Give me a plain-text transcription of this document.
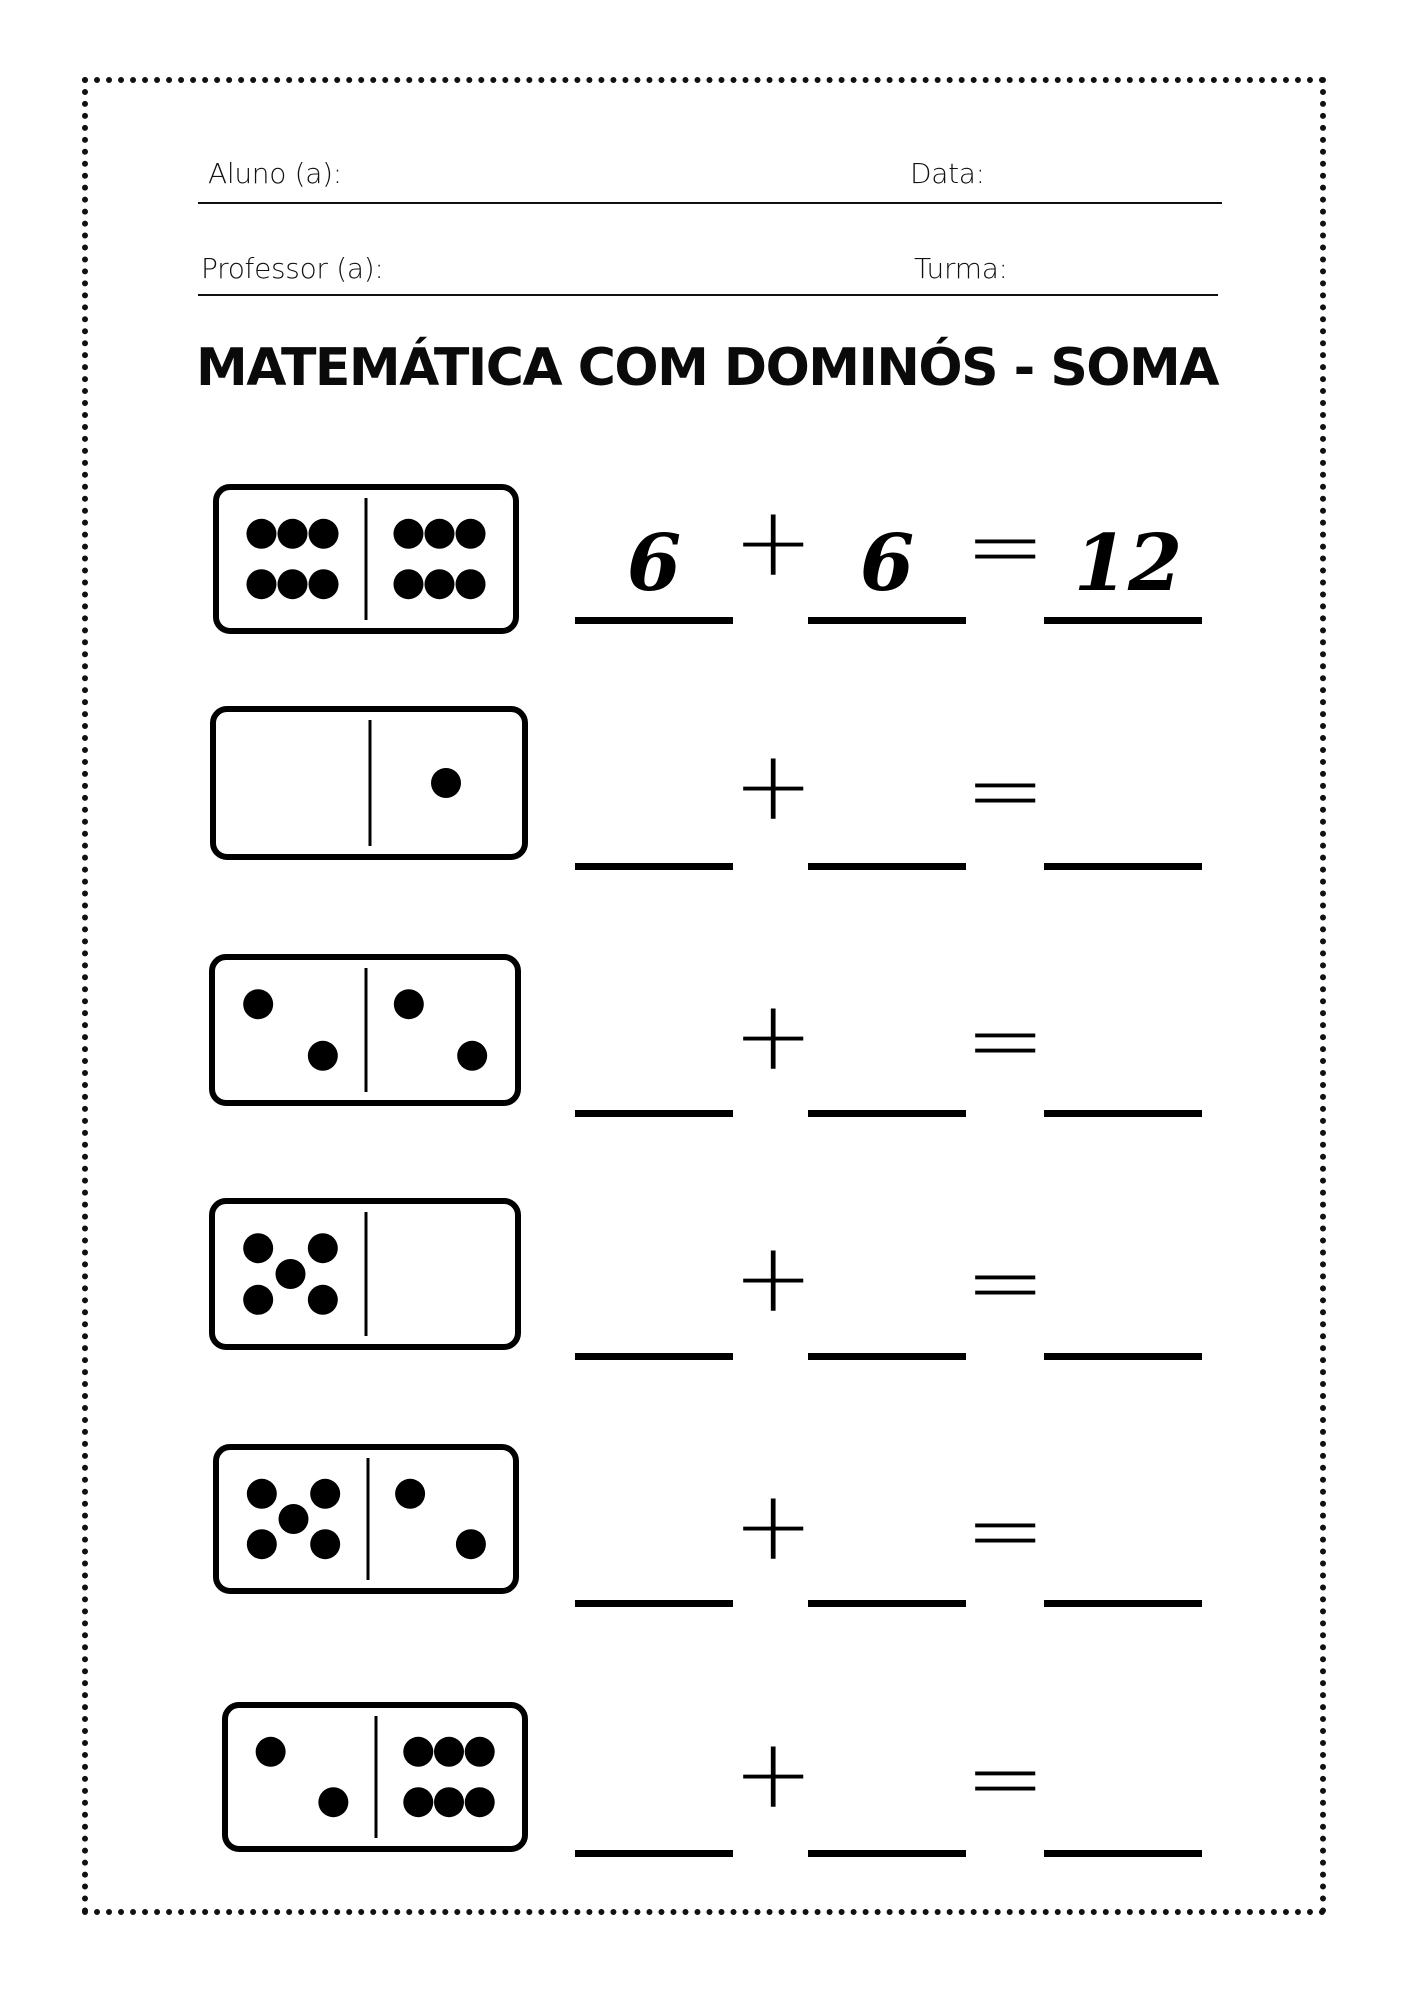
Aluno (a):	Data:
Professor (a):	Turma:
MATEMÁTICA COM DOMINÓS - SOMA
+ =
6	6	12
+ =
+ =
+ =
+ =
+ =
